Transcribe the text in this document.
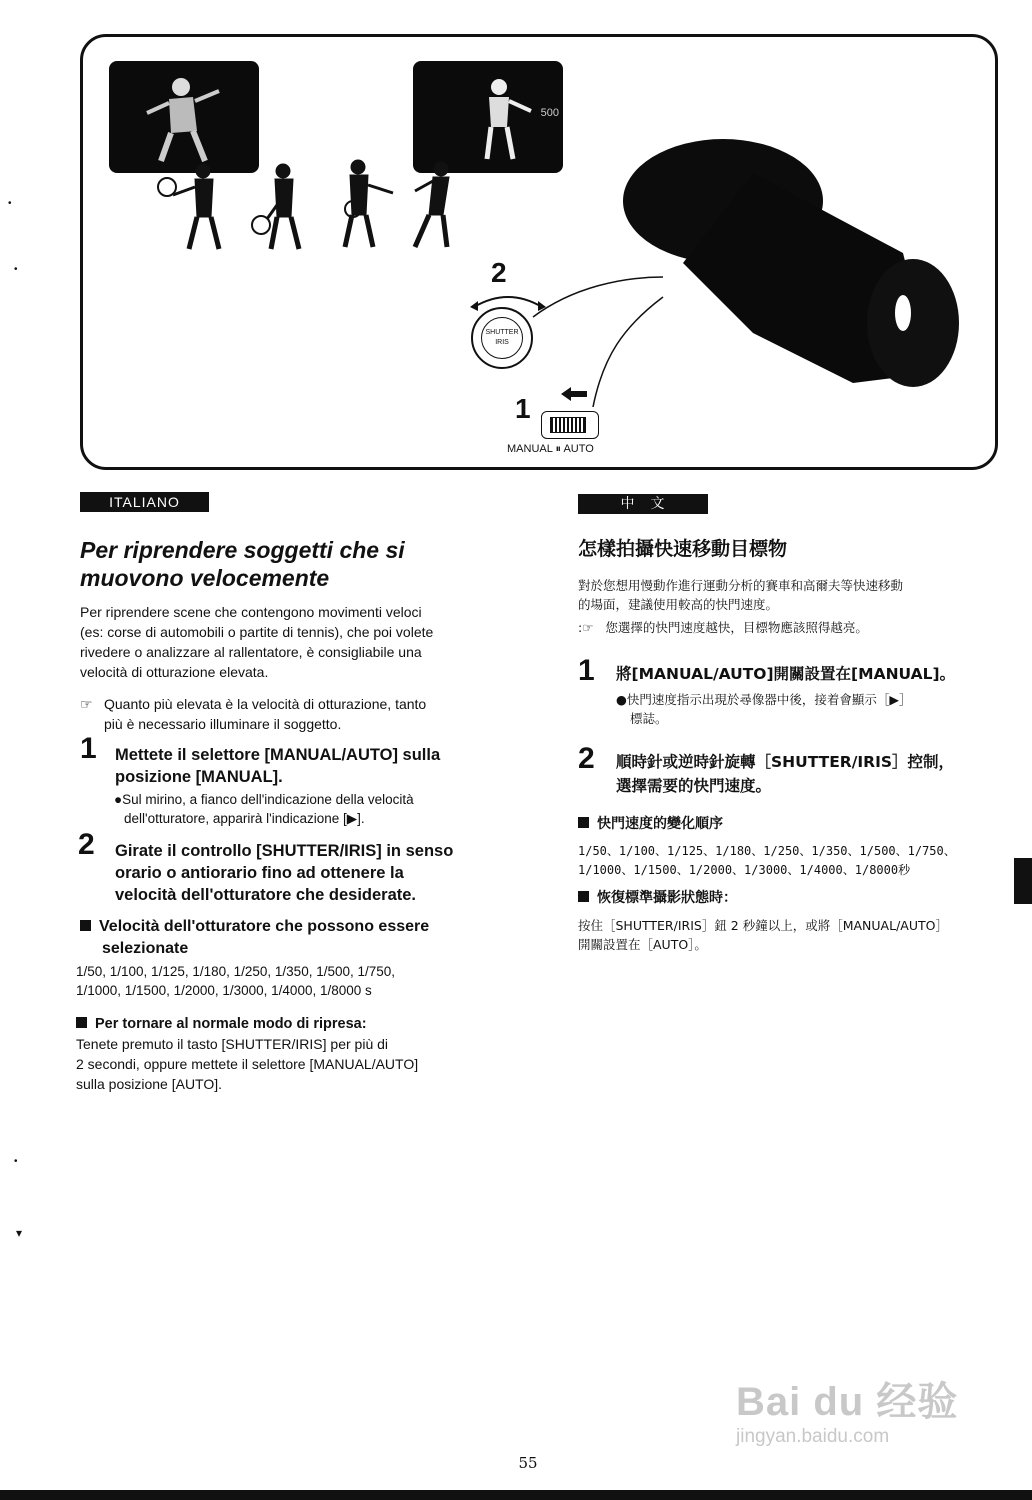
500
2
SHUTTER
IRIS
1
MANUAL ⏸ AUTO
•
•
•
▾
ITALIANO
Per riprendere soggetti che si
muovono velocemente
Per riprendere scene che contengono movimenti veloci
(es: corse di automobili o partite di tennis), che poi volete
rivedere o analizzare al rallentatore, è consigliabile una
velocità di otturazione elevata.
☞ Quanto più elevata è la velocità di otturazione, tanto
più è necessario illuminare il soggetto.
1 Mettete il selettore [MANUAL/AUTO] sulla
posizione [MANUAL].
●Sul mirino, a fianco dell'indicazione della velocità
dell'otturatore, apparirà l'indicazione [▶].
2 Girate il controllo [SHUTTER/IRIS] in senso
orario o antiorario fino ad ottenere la
velocità dell'otturatore che desiderate.
Velocità dell'otturatore che possono essere
selezionate
1/50, 1/100, 1/125, 1/180, 1/250, 1/350, 1/500, 1/750,
1/1000, 1/1500, 1/2000, 1/3000, 1/4000, 1/8000 s
Per tornare al normale modo di ripresa:
Tenete premuto il tasto [SHUTTER/IRIS] per più di
2 secondi, oppure mettete il selettore [MANUAL/AUTO]
sulla posizione [AUTO].
中　文
怎樣拍攝快速移動目標物
對於您想用慢動作進行運動分析的賽車和高爾夫等快速移動
的場面，建議使用較高的快門速度。
:☞ 您選擇的快門速度越快，目標物應該照得越亮。
1 將[MANUAL/AUTO]開關設置在[MANUAL]。
●快門速度指示出現於尋像器中後，接着會顯示［▶］
標誌。
2 順時針或逆時針旋轉［SHUTTER/IRIS］控制，
選擇需要的快門速度。
快門速度的變化順序
1/50、1/100、1/125、1/180、1/250、1/350、1/500、1/750、
1/1000、1/1500、1/2000、1/3000、1/4000、1/8000秒
恢復標準攝影狀態時：
按住［SHUTTER/IRIS］鈕 2 秒鐘以上，或將［MANUAL/AUTO］
開關設置在［AUTO］。
Bai du 经验
jingyan.baidu.com
55
